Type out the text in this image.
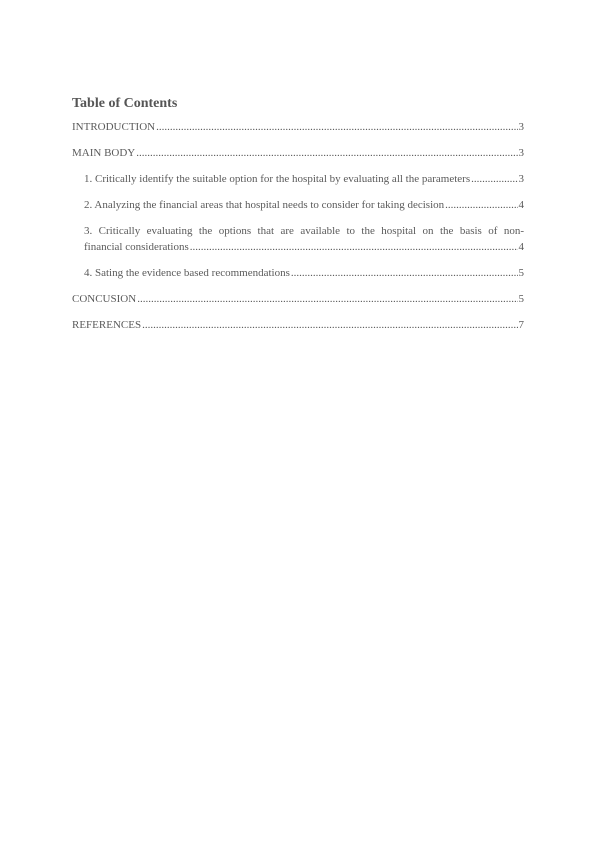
Table of Contents
INTRODUCTION .....	3
MAIN BODY .....	3
1. Critically identify the suitable option for the hospital by evaluating all the parameters .....	3
2. Analyzing the financial areas that hospital needs to consider for taking decision .....	4
3. Critically evaluating the options that are available to the hospital on the basis of non-
financial considerations .....	4
4. Sating the evidence based recommendations .....	5
CONCUSION .....	5
REFERENCES .....	7
